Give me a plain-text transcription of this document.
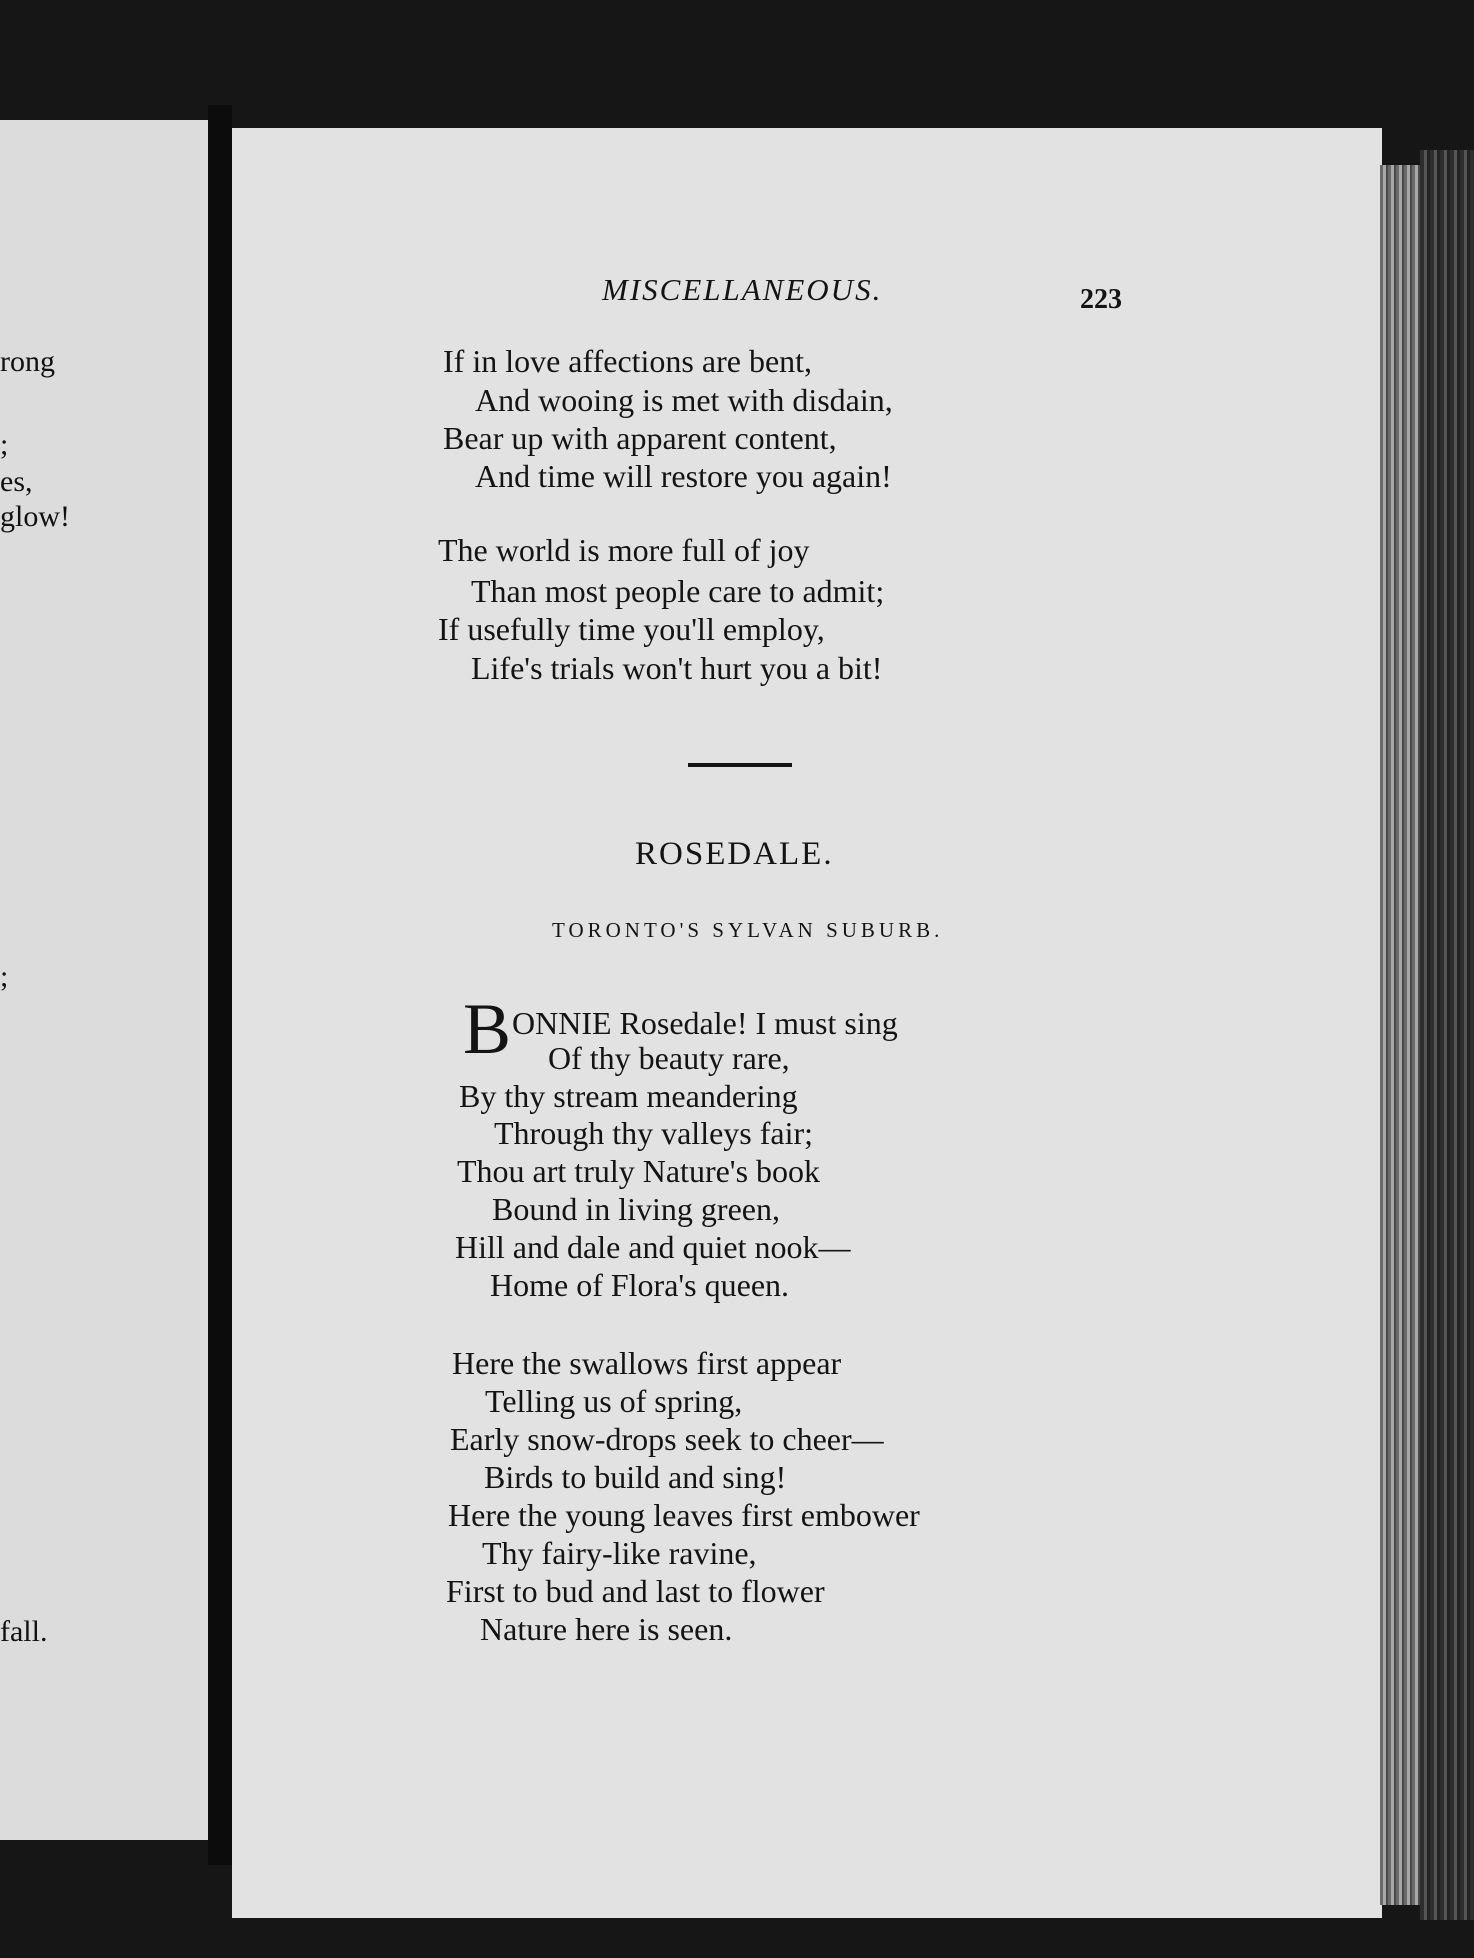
rong
;
es,
glow!
;
fall.
MISCELLANEOUS.	223
If in love affections are bent,
And wooing is met with disdain,
Bear up with apparent content,
And time will restore you again!
The world is more full of joy
Than most people care to admit;
If usefully time you'll employ,
Life's trials won't hurt you a bit!
ROSEDALE.
TORONTO'S SYLVAN SUBURB.
B ONNIE Rosedale! I must sing
Of thy beauty rare,
By thy stream meandering
Through thy valleys fair;
Thou art truly Nature's book
Bound in living green,
Hill and dale and quiet nook—
Home of Flora's queen.
Here the swallows first appear
Telling us of spring,
Early snow-drops seek to cheer—
Birds to build and sing!
Here the young leaves first embower
Thy fairy-like ravine,
First to bud and last to flower
Nature here is seen.
